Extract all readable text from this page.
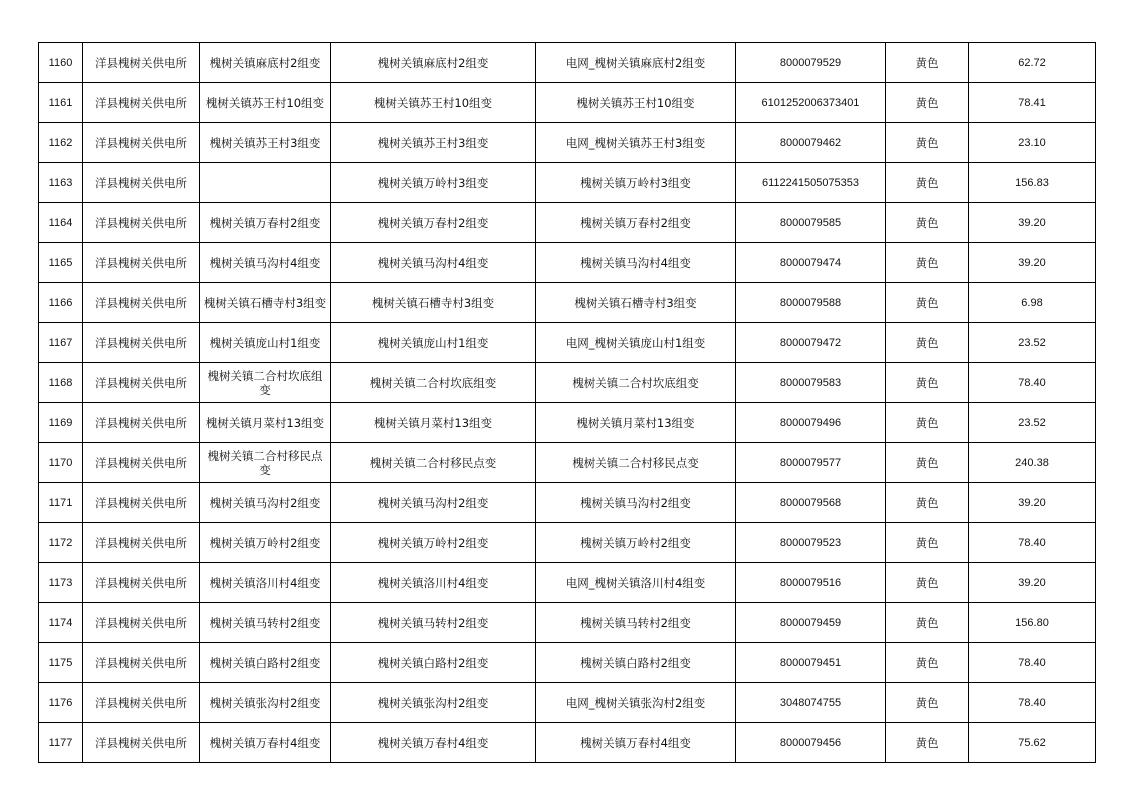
1160	洋县槐树关供电所	槐树关镇麻底村2组变	槐树关镇麻底村2组变	电网_槐树关镇麻底村2组变	8000079529	黄色	62.72
1161	洋县槐树关供电所	槐树关镇苏王村10组变	槐树关镇苏王村10组变	槐树关镇苏王村10组变	6101252006373401	黄色	78.41
1162	洋县槐树关供电所	槐树关镇苏王村3组变	槐树关镇苏王村3组变	电网_槐树关镇苏王村3组变	8000079462	黄色	23.10
1163	洋县槐树关供电所		槐树关镇万岭村3组变	槐树关镇万岭村3组变	6112241505075353	黄色	156.83
1164	洋县槐树关供电所	槐树关镇万春村2组变	槐树关镇万春村2组变	槐树关镇万春村2组变	8000079585	黄色	39.20
1165	洋县槐树关供电所	槐树关镇马沟村4组变	槐树关镇马沟村4组变	槐树关镇马沟村4组变	8000079474	黄色	39.20
1166	洋县槐树关供电所	槐树关镇石槽寺村3组变	槐树关镇石槽寺村3组变	槐树关镇石槽寺村3组变	8000079588	黄色	6.98
1167	洋县槐树关供电所	槐树关镇庞山村1组变	槐树关镇庞山村1组变	电网_槐树关镇庞山村1组变	8000079472	黄色	23.52
1168	洋县槐树关供电所	槐树关镇二合村坎底组变	槐树关镇二合村坎底组变	槐树关镇二合村坎底组变	8000079583	黄色	78.40
1169	洋县槐树关供电所	槐树关镇月菜村13组变	槐树关镇月菜村13组变	槐树关镇月菜村13组变	8000079496	黄色	23.52
1170	洋县槐树关供电所	槐树关镇二合村移民点变	槐树关镇二合村移民点变	槐树关镇二合村移民点变	8000079577	黄色	240.38
1171	洋县槐树关供电所	槐树关镇马沟村2组变	槐树关镇马沟村2组变	槐树关镇马沟村2组变	8000079568	黄色	39.20
1172	洋县槐树关供电所	槐树关镇万岭村2组变	槐树关镇万岭村2组变	槐树关镇万岭村2组变	8000079523	黄色	78.40
1173	洋县槐树关供电所	槐树关镇洛川村4组变	槐树关镇洛川村4组变	电网_槐树关镇洛川村4组变	8000079516	黄色	39.20
1174	洋县槐树关供电所	槐树关镇马转村2组变	槐树关镇马转村2组变	槐树关镇马转村2组变	8000079459	黄色	156.80
1175	洋县槐树关供电所	槐树关镇白路村2组变	槐树关镇白路村2组变	槐树关镇白路村2组变	8000079451	黄色	78.40
1176	洋县槐树关供电所	槐树关镇张沟村2组变	槐树关镇张沟村2组变	电网_槐树关镇张沟村2组变	3048074755	黄色	78.40
1177	洋县槐树关供电所	槐树关镇万春村4组变	槐树关镇万春村4组变	槐树关镇万春村4组变	8000079456	黄色	75.62
